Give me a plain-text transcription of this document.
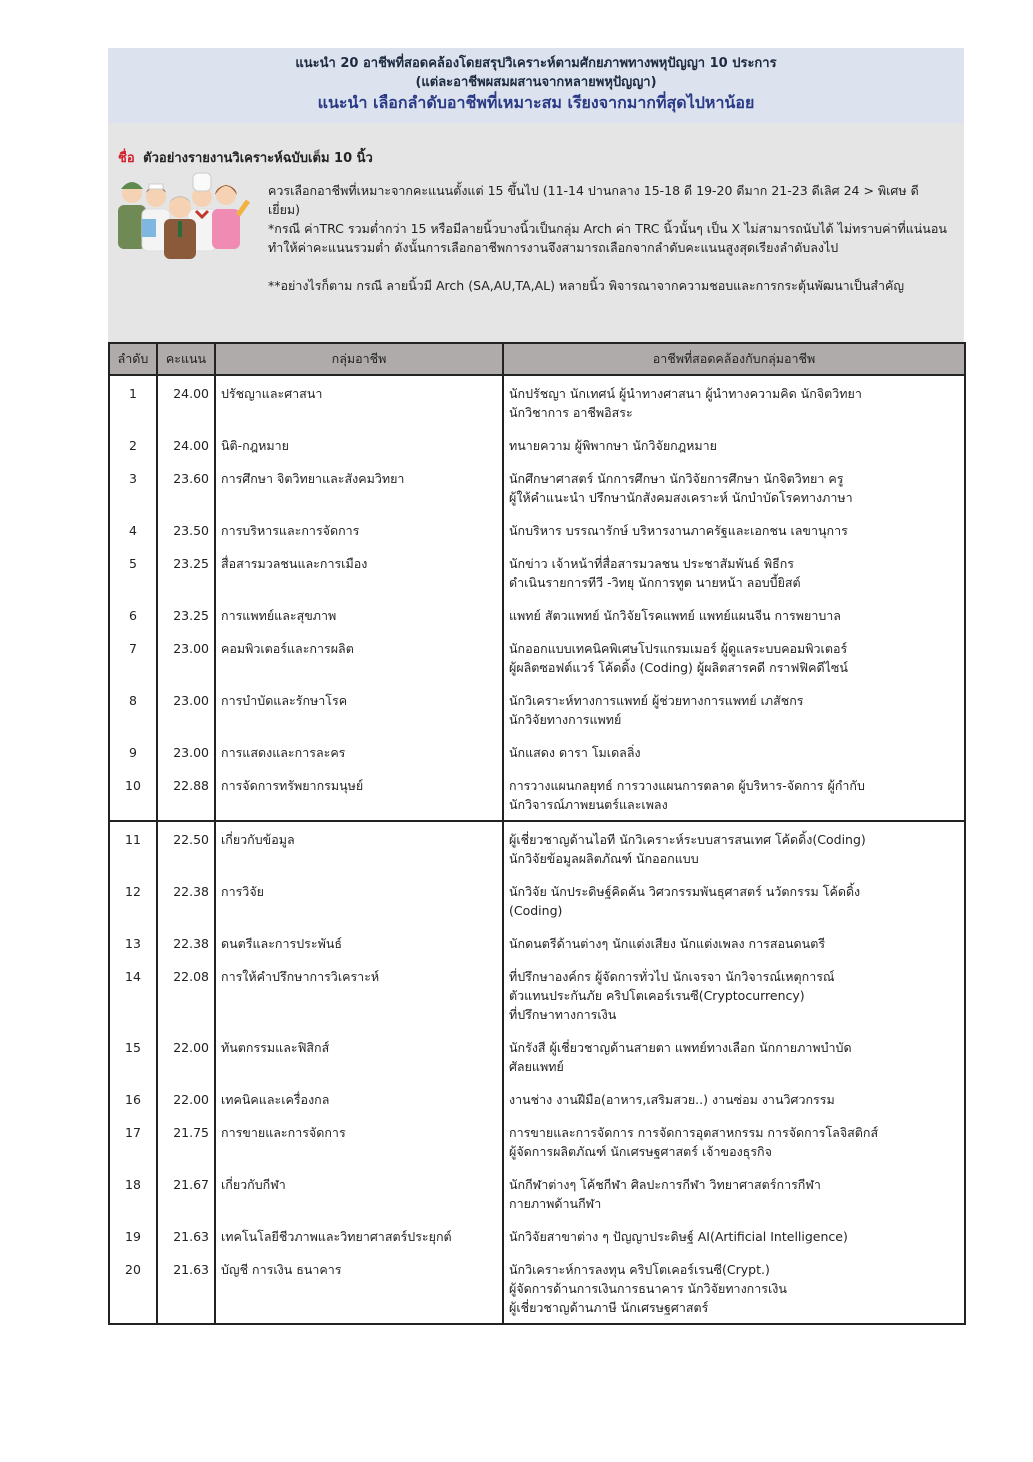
แนะนำ 20 อาชีพที่สอดคล้องโดยสรุปวิเคราะห์ตามศักยภาพทางพหุปัญญา 10 ประการ
(แต่ละอาชีพผสมผสานจากหลายพหุปัญญา)
แนะนำ เลือกลำดับอาชีพที่เหมาะสม เรียงจากมากที่สุดไปหาน้อย
ชื่อ ตัวอย่างรายงานวิเคราะห์ฉบับเต็ม 10 นิ้ว

ควรเลือกอาชีพที่เหมาะจากคะแนนตั้งแต่ 15 ขึ้นไป (11-14 ปานกลาง 15-18 ดี 19-20 ดีมาก 21-23 ดีเลิศ 24 > พิเศษ ดีเยี่ยม)

*กรณี ค่าTRC รวมต่ำกว่า 15 หรือมีลายนิ้วบางนิ้วเป็นกลุ่ม Arch ค่า TRC นิ้วนั้นๆ เป็น X ไม่สามารถนับได้ ไม่ทราบค่าที่แน่นอน ทำให้ค่าคะแนนรวมต่ำ ดังนั้นการเลือกอาชีพการงานจึงสามารถเลือกจากลำดับคะแนนสูงสุดเรียงลำดับลงไป

**อย่างไรก็ตาม กรณี ลายนิ้วมี Arch (SA,AU,TA,AL) หลายนิ้ว พิจารณาจากความชอบและการกระตุ้นพัฒนาเป็นสำคัญ

ลำดับ	คะแนน	กลุ่มอาชีพ	อาชีพที่สอดคล้องกับกลุ่มอาชีพ
1	24.00	ปรัชญาและศาสนา	นักปรัชญา นักเทศน์ ผู้นำทางศาสนา ผู้นำทางความคิด นักจิตวิทยา
นักวิชาการ อาชีพอิสระ

2	24.00	นิติ-กฎหมาย	ทนายความ ผู้พิพากษา นักวิจัยกฎหมาย

3	23.60	การศึกษา จิตวิทยาและสังคมวิทยา	นักศึกษาศาสตร์ นักการศึกษา นักวิจัยการศึกษา นักจิตวิทยา ครู
ผู้ให้คำแนะนำ ปรึกษานักสังคมสงเคราะห์ นักบำบัดโรคทางภาษา

4	23.50	การบริหารและการจัดการ	นักบริหาร บรรณารักษ์ บริหารงานภาครัฐและเอกชน เลขานุการ

5	23.25	สื่อสารมวลชนและการเมือง	นักข่าว เจ้าหน้าที่สื่อสารมวลชน ประชาสัมพันธ์ พิธีกร
ดำเนินรายการทีวี -วิทยุ นักการทูต นายหน้า ลอบบี้ยิสต์

6	23.25	การแพทย์และสุขภาพ	แพทย์ สัตวแพทย์ นักวิจัยโรคแพทย์ แพทย์แผนจีน การพยาบาล

7	23.00	คอมพิวเตอร์และการผลิต	นักออกแบบเทคนิคพิเศษโปรแกรมเมอร์ ผู้ดูแลระบบคอมพิวเตอร์
ผู้ผลิตซอฟต์แวร์ โค้ดดิ้ง (Coding) ผู้ผลิตสารคดี กราฟฟิคดีไซน์

8	23.00	การบำบัดและรักษาโรค	นักวิเคราะห์ทางการแพทย์ ผู้ช่วยทางการแพทย์ เภสัชกร
นักวิจัยทางการแพทย์

9	23.00	การแสดงและการละคร	นักแสดง ดารา โมเดลลิ่ง

10	22.88	การจัดการทรัพยากรมนุษย์	การวางแผนกลยุทธ์ การวางแผนการตลาด ผู้บริหาร-จัดการ ผู้กำกับ
นักวิจารณ์ภาพยนตร์และเพลง

11	22.50	เกี่ยวกับข้อมูล	ผู้เชี่ยวชาญด้านไอที นักวิเคราะห์ระบบสารสนเทศ โค้ดดิ้ง(Coding)
นักวิจัยข้อมูลผลิตภัณฑ์ นักออกแบบ

12	22.38	การวิจัย	นักวิจัย นักประดิษฐ์คิดค้น วิศวกรรมพันธุศาสตร์ นวัตกรรม โค้ดดิ้ง
(Coding)

13	22.38	ดนตรีและการประพันธ์	นักดนตรีด้านต่างๆ นักแต่งเสียง นักแต่งเพลง การสอนดนตรี

14	22.08	การให้คำปรึกษาการวิเคราะห์	ที่ปรึกษาองค์กร ผู้จัดการทั่วไป นักเจรจา นักวิจารณ์เหตุการณ์
ตัวแทนประกันภัย คริปโตเคอร์เรนซี(Cryptocurrency)
ที่ปรึกษาทางการเงิน

15	22.00	ทันตกรรมและฟิสิกส์	นักรังสี ผู้เชี่ยวชาญด้านสายตา แพทย์ทางเลือก นักกายภาพบำบัด
ศัลยแพทย์

16	22.00	เทคนิคและเครื่องกล	งานช่าง งานฝีมือ(อาหาร,เสริมสวย..) งานซ่อม งานวิศวกรรม

17	21.75	การขายและการจัดการ	การขายและการจัดการ การจัดการอุตสาหกรรม การจัดการโลจิสติกส์
ผู้จัดการผลิตภัณฑ์ นักเศรษฐศาสตร์ เจ้าของธุรกิจ

18	21.67	เกี่ยวกับกีฬา	นักกีฬาต่างๆ โค้ชกีฬา ศิลปะการกีฬา วิทยาศาสตร์การกีฬา
กายภาพด้านกีฬา

19	21.63	เทคโนโลยีชีวภาพและวิทยาศาสตร์ประยุกต์	นักวิจัยสาขาต่าง ๆ ปัญญาประดิษฐ์ AI(Artificial Intelligence)

20	21.63	บัญชี การเงิน ธนาคาร	นักวิเคราะห์การลงทุน คริปโตเคอร์เรนซี(Crypt.)
ผู้จัดการด้านการเงินการธนาคาร นักวิจัยทางการเงิน
ผู้เชี่ยวชาญด้านภาษี นักเศรษฐศาสตร์
